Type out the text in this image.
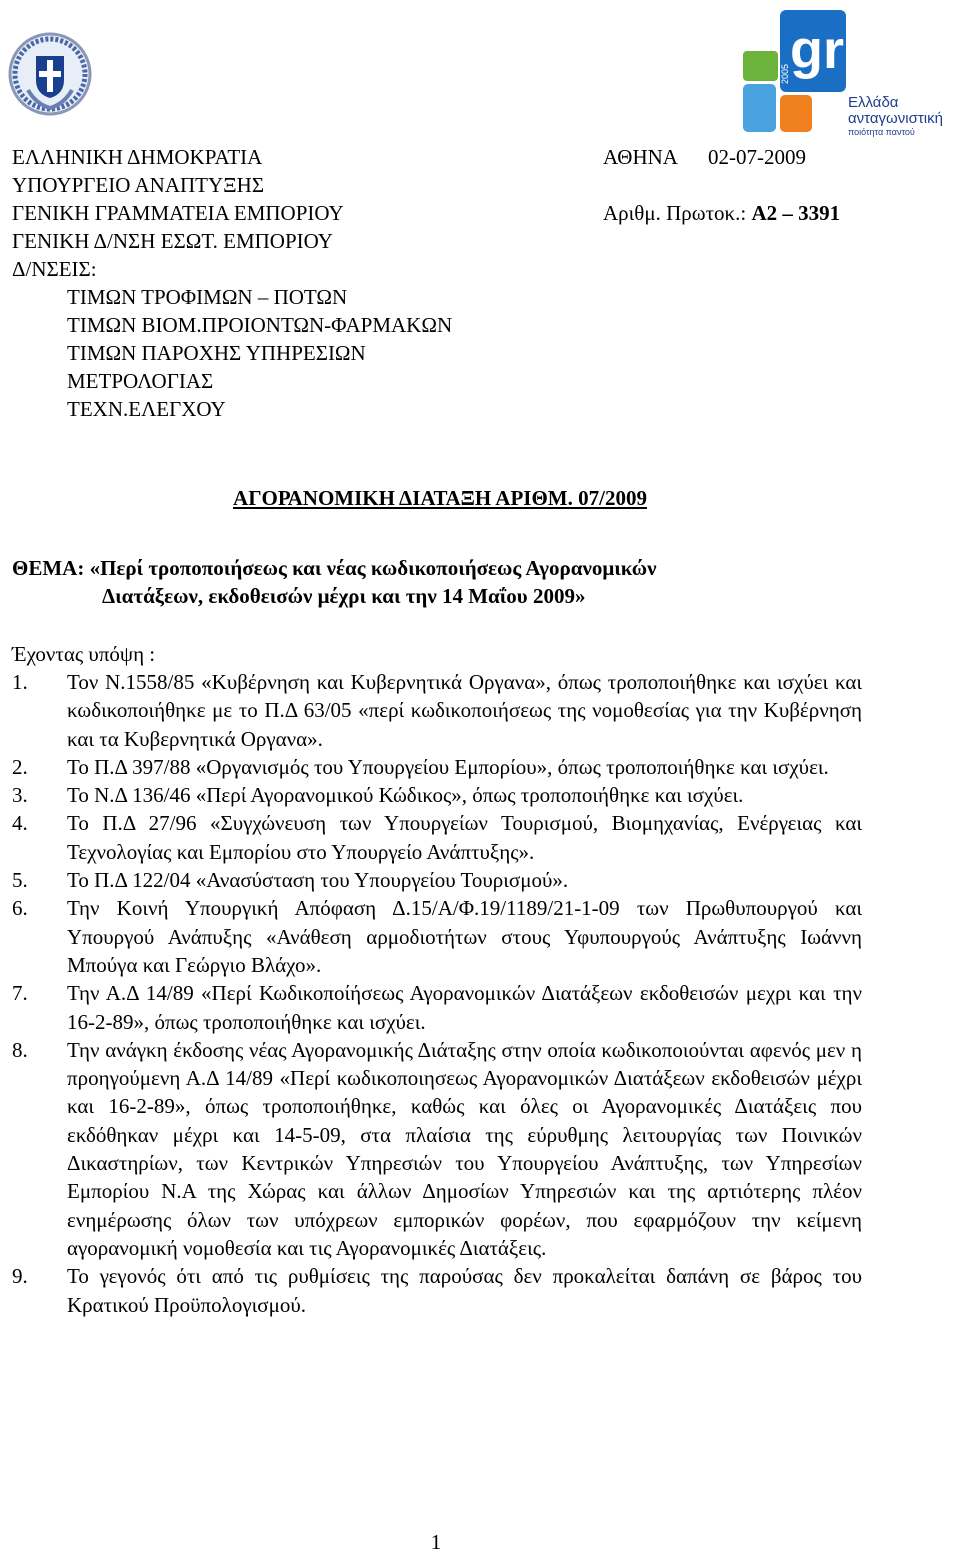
gr
2005
Ελλάδα
ανταγωνιστική
ποιότητα παντού
ΕΛΛΗΝΙΚΗ ΔΗΜΟΚΡΑΤΙΑ
ΥΠΟΥΡΓΕΙΟ ΑΝΑΠΤΥΞΗΣ
ΓΕΝΙΚΗ ΓΡΑΜΜΑΤΕΙΑ ΕΜΠΟΡΙΟΥ
ΓΕΝΙΚΗ Δ/ΝΣΗ ΕΣΩΤ. ΕΜΠΟΡΙΟΥ
Δ/ΝΣΕΙΣ:
ΤΙΜΩΝ ΤΡΟΦΙΜΩΝ – ΠΟΤΩΝ
ΤΙΜΩΝ ΒΙΟΜ.ΠΡΟΙΟΝΤΩΝ-ΦΑΡΜΑΚΩΝ
ΤΙΜΩΝ ΠΑΡΟΧΗΣ ΥΠΗΡΕΣΙΩΝ
ΜΕΤΡΟΛΟΓΙΑΣ
ΤΕΧΝ.ΕΛΕΓΧΟΥ
ΑΘΗΝΑ 02-07-2009
Αριθμ. Πρωτοκ.: Α2 – 3391
ΑΓΟΡΑΝΟΜΙΚΗ ΔΙΑΤΑΞΗ ΑΡΙΘΜ. 07/2009
ΘΕΜΑ: «Περί τροποποιήσεως και νέας κωδικοποιήσεως Αγορανομικών
Διατάξεων, εκδοθεισών μέχρι και την 14 Μαΐου 2009»
Έχοντας υπόψη :
1.	Τον Ν.1558/85 «Κυβέρνηση και Κυβερνητικά Οργανα», όπως τροποποιήθηκε και ισχύει και κωδικοποιήθηκε με το Π.Δ 63/05 «περί κωδικοποιήσεως της νομοθεσίας για την Κυβέρνηση και τα Κυβερνητικά Οργανα».
2.	Το Π.Δ 397/88 «Οργανισμός του Υπουργείου Εμπορίου», όπως τροποποιήθηκε και ισχύει.
3.	Το Ν.Δ 136/46 «Περί Αγορανομικού Κώδικος», όπως τροποποιήθηκε και ισχύει.
4.	Το Π.Δ 27/96 «Συγχώνευση των Υπουργείων Τουρισμού, Βιομηχανίας, Ενέργειας και Τεχνολογίας και Εμπορίου στο Υπουργείο Ανάπτυξης».
5.	Το Π.Δ 122/04 «Ανασύσταση του Υπουργείου Τουρισμού».
6.	Την Κοινή Υπουργική Απόφαση Δ.15/Α/Φ.19/1189/21-1-09 των Πρωθυπουργού και Υπουργού Ανάπυξης «Ανάθεση αρμοδιοτήτων στους Υφυπουργούς Ανάπτυξης Ιωάννη Μπούγα και Γεώργιο Βλάχο».
7.	Την Α.Δ 14/89 «Περί Κωδικοποίήσεως Αγορανομικών Διατάξεων εκδοθεισών μεχρι και την 16-2-89», όπως τροποποιήθηκε και ισχύει.
8.	Την ανάγκη έκδοσης νέας Αγορανομικής Διάταξης στην οποία κωδικοποιούνται αφενός μεν η προηγούμενη Α.Δ 14/89 «Περί κωδικοποιησεως Αγορανομικών Διατάξεων εκδοθεισών μέχρι και 16-2-89», όπως τροποποιήθηκε, καθώς και όλες οι Αγορανομικές Διατάξεις που εκδόθηκαν μέχρι και 14-5-09, στα πλαίσια της εύρυθμης λειτουργίας των Ποινικών Δικαστηρίων, των Κεντρικών Υπηρεσιών του Υπουργείου Ανάπτυξης, των Υπηρεσίων Εμπορίου Ν.Α της Χώρας και άλλων Δημοσίων Υπηρεσιών και της αρτιότερης πλέον ενημέρωσης όλων των υπόχρεων εμπορικών φορέων, που εφαρμόζουν την κείμενη αγορανομική νομοθεσία και τις Αγορανομικές Διατάξεις.
9.	Το γεγονός ότι από τις ρυθμίσεις της παρούσας δεν προκαλείται δαπάνη σε βάρος του Κρατικού Προϋπολογισμού.
1
